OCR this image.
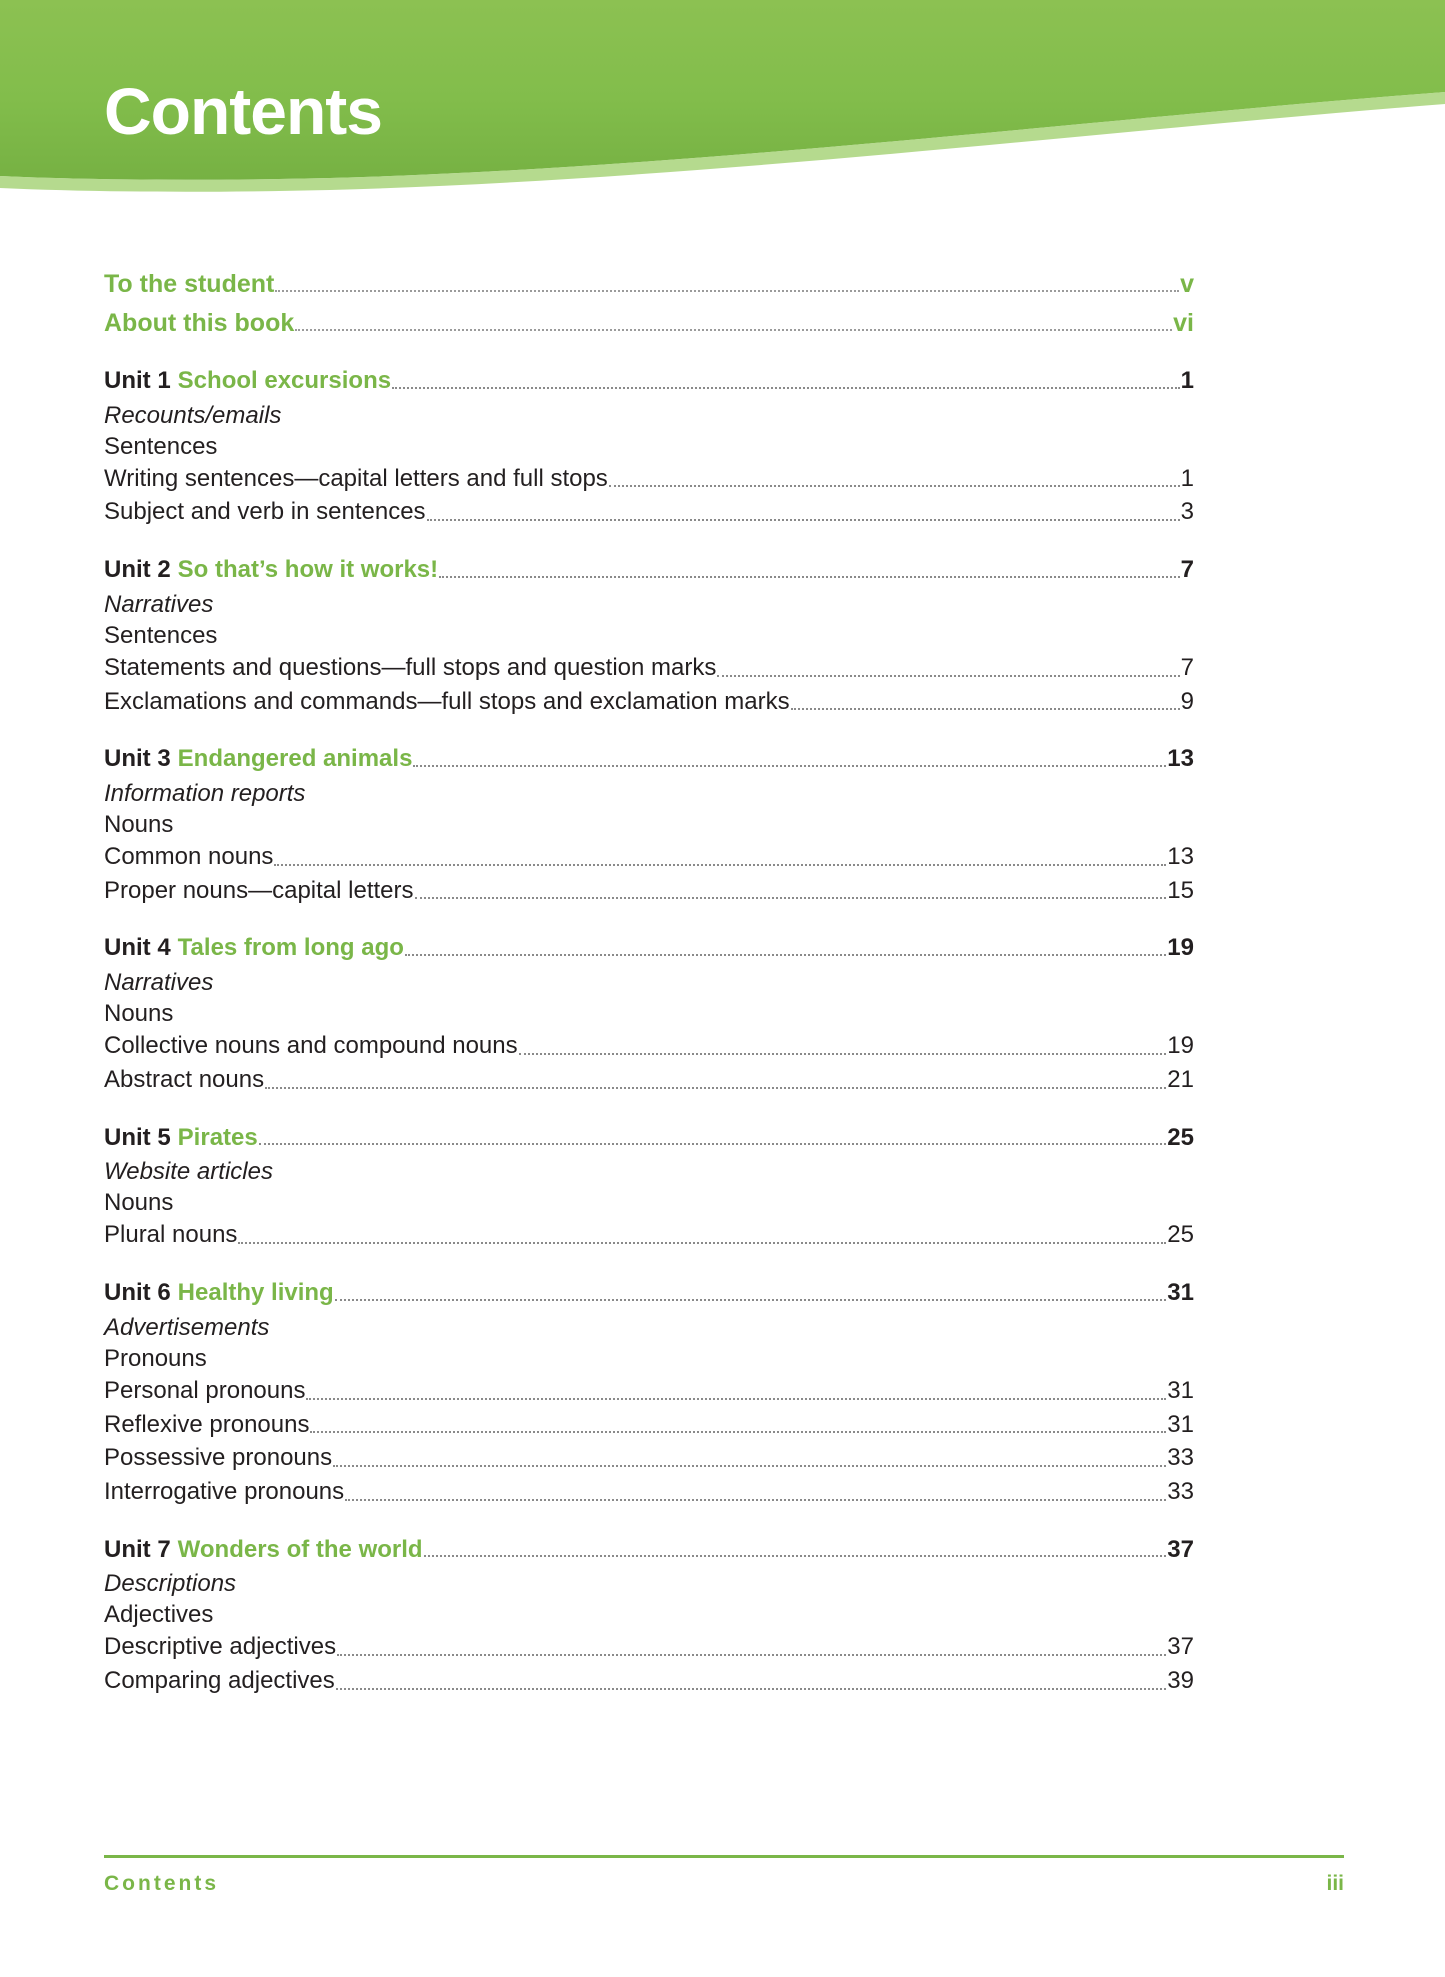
Contents
To the student	v
About this book	vi
Unit 1 School excursions	1
Recounts/emails
Sentences
Writing sentences—capital letters and full stops	1
Subject and verb in sentences	3
Unit 2 So that’s how it works!	7
Narratives
Sentences
Statements and questions—full stops and question marks	7
Exclamations and commands—full stops and exclamation marks	9
Unit 3 Endangered animals	13
Information reports
Nouns
Common nouns	13
Proper nouns—capital letters	15
Unit 4 Tales from long ago	19
Narratives
Nouns
Collective nouns and compound nouns	19
Abstract nouns	21
Unit 5 Pirates	25
Website articles
Nouns
Plural nouns	25
Unit 6 Healthy living	31
Advertisements
Pronouns
Personal pronouns	31
Reflexive pronouns	31
Possessive pronouns	33
Interrogative pronouns	33
Unit 7 Wonders of the world	37
Descriptions
Adjectives
Descriptive adjectives	37
Comparing adjectives	39
Contents	iii
